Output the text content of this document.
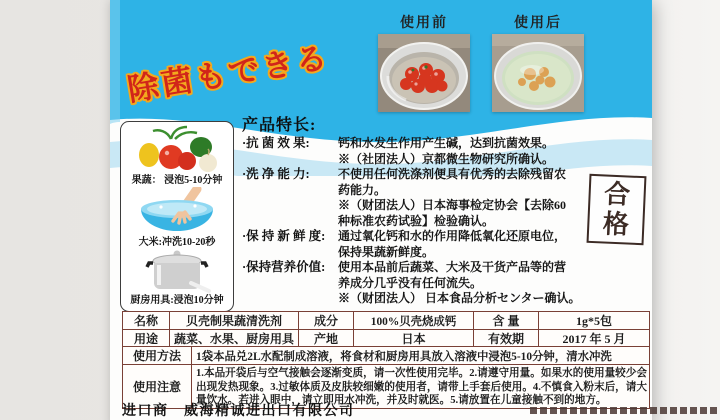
除菌もできる
使用前	使用后
果蔬： 浸泡5-10分钟
大米:冲洗10-20秒
厨房用具:浸泡10分钟
产品特长:
·抗 菌 效 果:	钙和水发生作用产生碱，达到抗菌效果。
※（社团法人）京都微生物研究所确认。
·洗 净 能 力:	不使用任何洗涤剂便具有优秀的去除残留农
药能力。
※（财团法人）日本海事检定协会【去除60
种标准农药试验】检验确认。
·保 持 新 鲜 度:	通过氧化钙和水的作用降低氧化还原电位，
保持果蔬新鲜度。
·保持营养价值:	使用本品前后蔬菜、大米及干货产品等的营
养成分几乎没有任何流失。
※（财团法人） 日本食品分析センター确认。
合
格
名称	贝壳制果蔬清洗剂	成分	100%贝壳烧成钙	含 量	1g*5包
用途	蔬菜、水果、厨房用具	产地	日本	有效期	2017 年 5 月
使用方法	1袋本品兑2L水配制成溶液，将食材和厨房用具放入溶液中浸泡5-10分钟，清水冲洗
使用注意
1.本品开袋后与空气接触会逐渐变质，请一次性使用完毕。2.请遵守用量。如果水的使用量较少会出现发热现象。3.过敏体质及皮肤较细嫩的使用者，请带上手套后使用。4.不慎食入粉末后，请大量饮水。若进入眼中，请立即用水冲洗，并及时就医。5.请放置在儿童接触不到的地方。
进口商　威海精诚进出口有限公司
